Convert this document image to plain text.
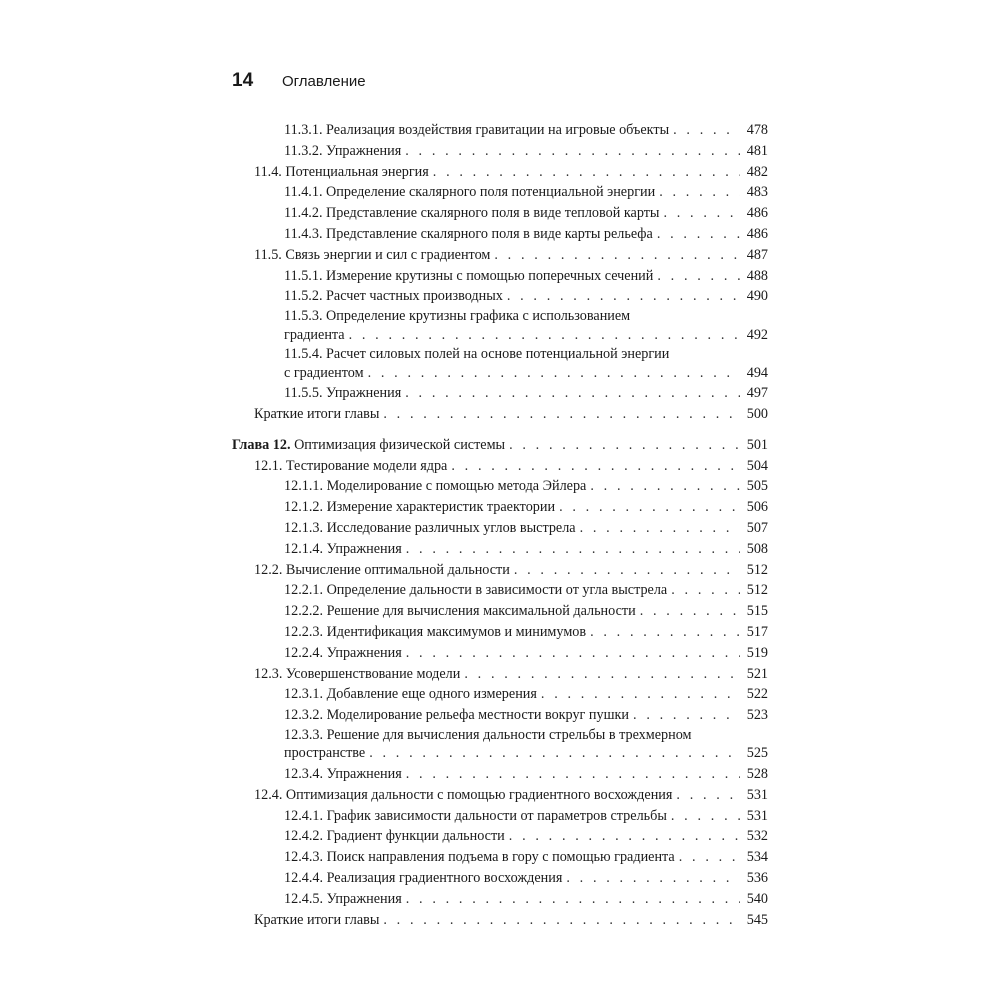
14	Оглавление
11.3.1. Реализация воздействия гравитации на игровые объекты . . .	478
11.3.2. Упражнения . . .	481
11.4. Потенциальная энергия . . .	482
11.4.1. Определение скалярного поля потенциальной энергии . . .	483
11.4.2. Представление скалярного поля в виде тепловой карты . . .	486
11.4.3. Представление скалярного поля в виде карты рельефа . . .	486
11.5. Связь энергии и сил с градиентом . . .	487
11.5.1. Измерение крутизны с помощью поперечных сечений . . .	488
11.5.2. Расчет частных производных . . .	490
11.5.3. Определение крутизны графика с использованием
градиента . . .	492
11.5.4. Расчет силовых полей на основе потенциальной энергии
с градиентом . . .	494
11.5.5. Упражнения . . .	497
Краткие итоги главы . . .	500
Глава 12. Оптимизация физической системы . . .	501
12.1. Тестирование модели ядра . . .	504
12.1.1. Моделирование с помощью метода Эйлера . . .	505
12.1.2. Измерение характеристик траектории . . .	506
12.1.3. Исследование различных углов выстрела . . .	507
12.1.4. Упражнения . . .	508
12.2. Вычисление оптимальной дальности . . .	512
12.2.1. Определение дальности в зависимости от угла выстрела . . .	512
12.2.2. Решение для вычисления максимальной дальности . . .	515
12.2.3. Идентификация максимумов и минимумов . . .	517
12.2.4. Упражнения . . .	519
12.3. Усовершенствование модели . . .	521
12.3.1. Добавление еще одного измерения . . .	522
12.3.2. Моделирование рельефа местности вокруг пушки . . .	523
12.3.3. Решение для вычисления дальности стрельбы в трехмерном
пространстве . . .	525
12.3.4. Упражнения . . .	528
12.4. Оптимизация дальности с помощью градиентного восхождения . . .	531
12.4.1. График зависимости дальности от параметров стрельбы . . .	531
12.4.2. Градиент функции дальности . . .	532
12.4.3. Поиск направления подъема в гору с помощью градиента . . .	534
12.4.4. Реализация градиентного восхождения . . .	536
12.4.5. Упражнения . . .	540
Краткие итоги главы . . .	545
